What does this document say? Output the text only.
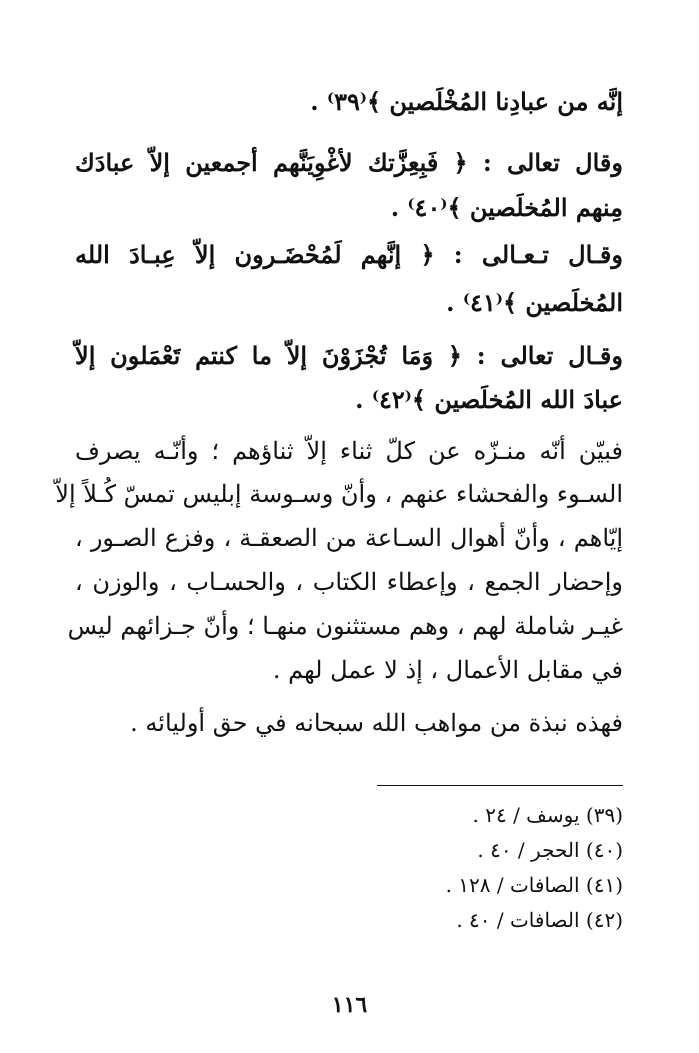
إنَّه من عبادِنا المُخْلَصين ﴾⁽٣٩⁾ .
وقال تعالى : ﴿ فَبِعِزَّتك لأغْوِيَنَّهم أجمعين إلاّ عبادَك
مِنهم المُخلَصين ﴾⁽٤٠⁾ .
وقـال تـعـالى : ﴿ إنَّهم لَمُحْضَـرون إلاّ عِبـادَ الله
المُخلَصين ﴾⁽٤١⁾ .
وقـال تعالى : ﴿ وَمَا تُجْزَوْنَ إلاّ ما كنتم تَعْمَلون إلاّ
عبادَ الله المُخلَصين ﴾⁽٤٢⁾ .
فبيّن أنّه منـزّه عن كلّ ثناء إلاّ ثناؤهم ؛ وأنّـه يصرف
السـوء والفحشاء عنهم ، وأنّ وسـوسة إبليس تمسّ كُـلاً إلاّ
إيّاهم ، وأنّ أهوال السـاعة من الصعقـة ، وفزع الصـور ،
وإحضار الجمع ، وإعطاء الكتاب ، والحسـاب ، والوزن ،
غيـر شاملة لهم ، وهم مستثنون منهـا ؛ وأنّ جـزائهم ليس
في مقابل الأعمال ، إذ لا عمل لهم .
فهذه نبذة من مواهب الله سبحانه في حق أوليائه .
(٣٩) يوسف / ٢٤ .
(٤٠) الحجر / ٤٠ .
(٤١) الصافات / ١٢٨ .
(٤٢) الصافات / ٤٠ .
١١٦
